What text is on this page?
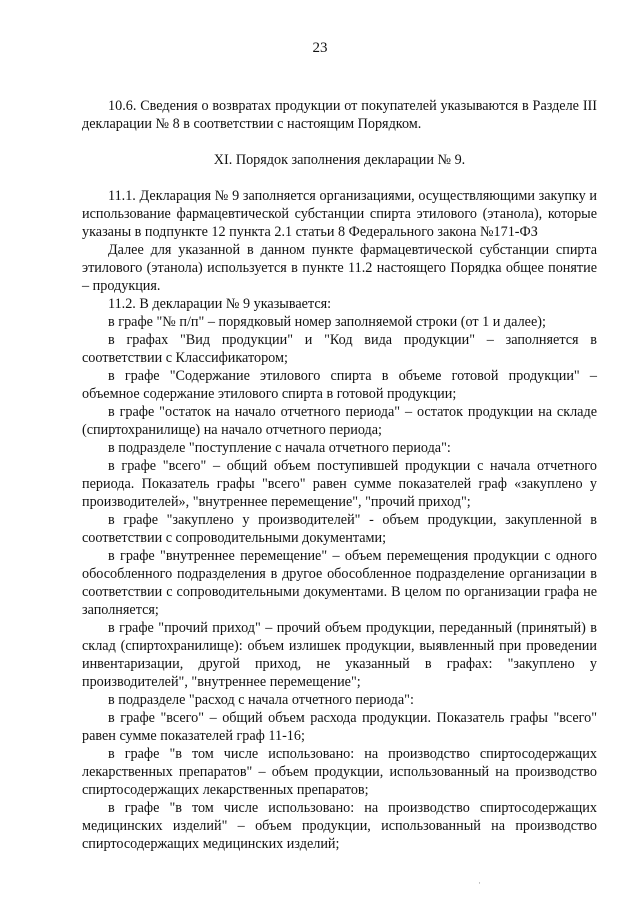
23

10.6. Сведения о возвратах продукции от покупателей указываются в Разделе III декларации № 8 в соответствии с настоящим Порядком.

XI. Порядок заполнения декларации № 9.

11.1. Декларация № 9 заполняется организациями, осуществляющими закупку и использование фармацевтической субстанции спирта этилового (этанола), которые указаны в подпункте 12 пункта 2.1 статьи 8 Федерального закона №171-ФЗ

Далее для указанной в данном пункте фармацевтической субстанции спирта этилового (этанола) используется в пункте 11.2 настоящего Порядка общее понятие – продукция.

11.2. В декларации № 9 указывается:

в графе "№ п/п" – порядковый номер заполняемой строки (от 1 и далее);

в графах "Вид продукции" и "Код вида продукции" – заполняется в соответствии с Классификатором;

в графе "Содержание этилового спирта в объеме готовой продукции" – объемное содержание этилового спирта в готовой продукции;

в графе "остаток на начало отчетного периода" – остаток продукции на складе (спиртохранилище) на начало отчетного периода;

в подразделе "поступление с начала отчетного периода":

в графе "всего" – общий объем поступившей продукции с начала отчетного периода. Показатель графы "всего" равен сумме показателей граф «закуплено у производителей», "внутреннее перемещение", "прочий приход";

в графе "закуплено у производителей" - объем продукции, закупленной в соответствии с сопроводительными документами;

в графе "внутреннее перемещение" – объем перемещения продукции с одного обособленного подразделения в другое обособленное подразделение организации в соответствии с сопроводительными документами. В целом по организации графа не заполняется;

в графе "прочий приход" – прочий объем продукции, переданный (принятый) в склад (спиртохранилище): объем излишек продукции, выявленный при проведении инвентаризации, другой приход, не указанный в графах: "закуплено у производителей", "внутреннее перемещение";

в подразделе "расход с начала отчетного периода":

в графе "всего" – общий объем расхода продукции. Показатель графы "всего" равен сумме показателей граф 11-16;

в графе "в том числе использовано: на производство спиртосодержащих лекарственных препаратов" – объем продукции, использованный на производство спиртосодержащих лекарственных препаратов;

в графе "в том числе использовано: на производство спиртосодержащих медицинских изделий" – объем продукции, использованный на производство спиртосодержащих медицинских изделий;

·
